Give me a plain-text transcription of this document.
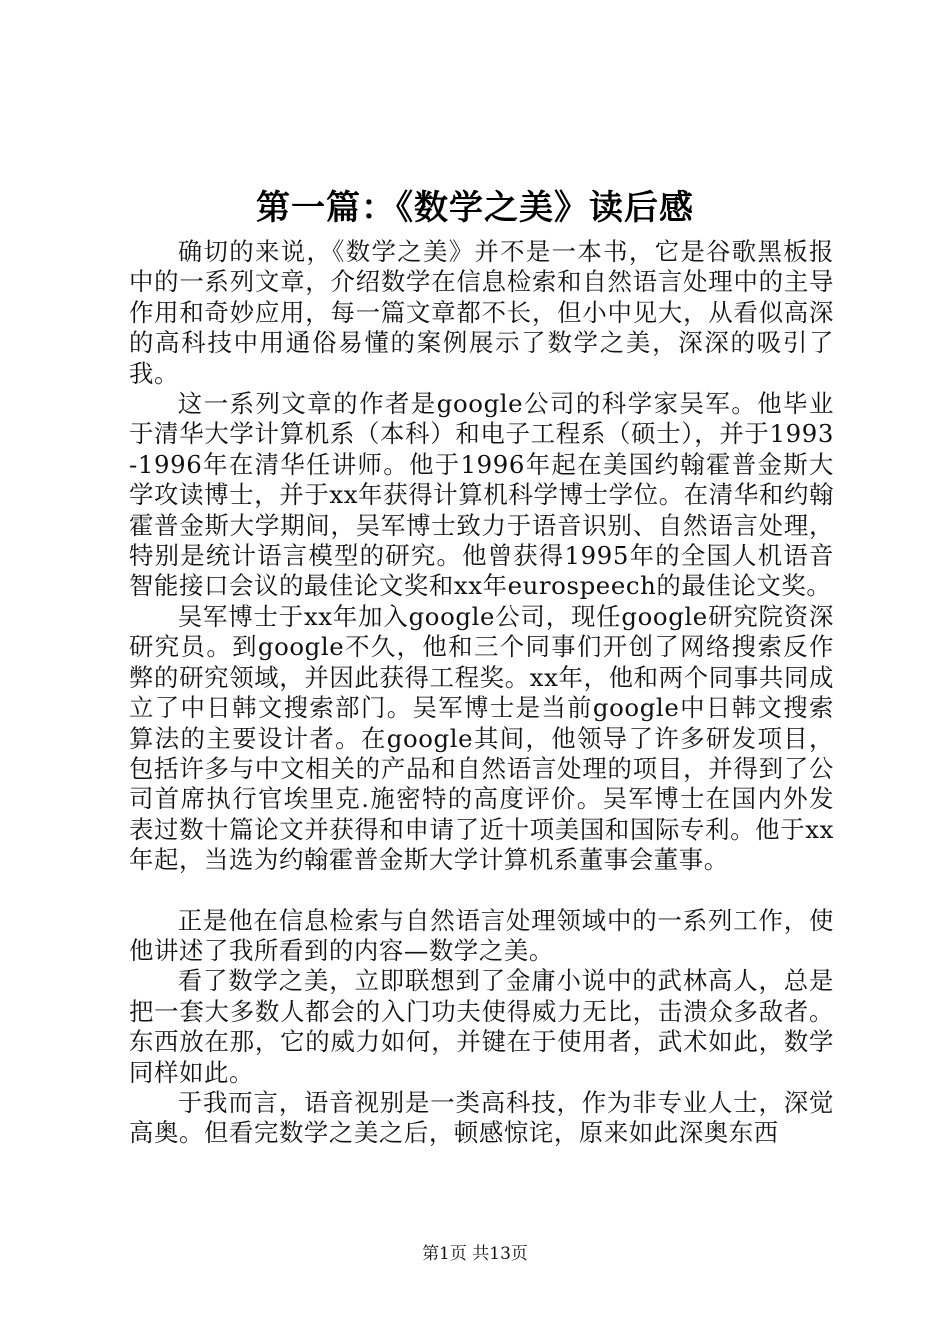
第一篇：《数学之美》读后感

确切的来说，《数学之美》并不是一本书，它是谷歌黑板报中的一系列文章，介绍数学在信息检索和自然语言处理中的主导作用和奇妙应用，每一篇文章都不长，但小中见大，从看似高深的高科技中用通俗易懂的案例展示了数学之美，深深的吸引了我。

这一系列文章的作者是google公司的科学家吴军。他毕业于清华大学计算机系（本科）和电子工程系（硕士），并于1993-1996年在清华任讲师。他于1996年起在美国约翰霍普金斯大学攻读博士，并于xx年获得计算机科学博士学位。在清华和约翰霍普金斯大学期间，吴军博士致力于语音识别、自然语言处理，特别是统计语言模型的研究。他曾获得1995年的全国人机语音智能接口会议的最佳论文奖和xx年eurospeech的最佳论文奖。

吴军博士于xx年加入google公司，现任google研究院资深研究员。到google不久，他和三个同事们开创了网络搜索反作弊的研究领域，并因此获得工程奖。xx年，他和两个同事共同成立了中日韩文搜索部门。吴军博士是当前google中日韩文搜索算法的主要设计者。在google其间，他领导了许多研发项目，包括许多与中文相关的产品和自然语言处理的项目，并得到了公司首席执行官埃里克.施密特的高度评价。吴军博士在国内外发表过数十篇论文并获得和申请了近十项美国和国际专利。他于xx年起，当选为约翰霍普金斯大学计算机系董事会董事。

正是他在信息检索与自然语言处理领域中的一系列工作，使他讲述了我所看到的内容—数学之美。

看了数学之美，立即联想到了金庸小说中的武林高人，总是把一套大多数人都会的入门功夫使得威力无比，击溃众多敌者。东西放在那，它的威力如何，并键在于使用者，武术如此，数学同样如此。

于我而言，语音视别是一类高科技，作为非专业人士，深觉高奥。但看完数学之美之后，顿感惊诧，原来如此深奥东西

第1页 共13页
